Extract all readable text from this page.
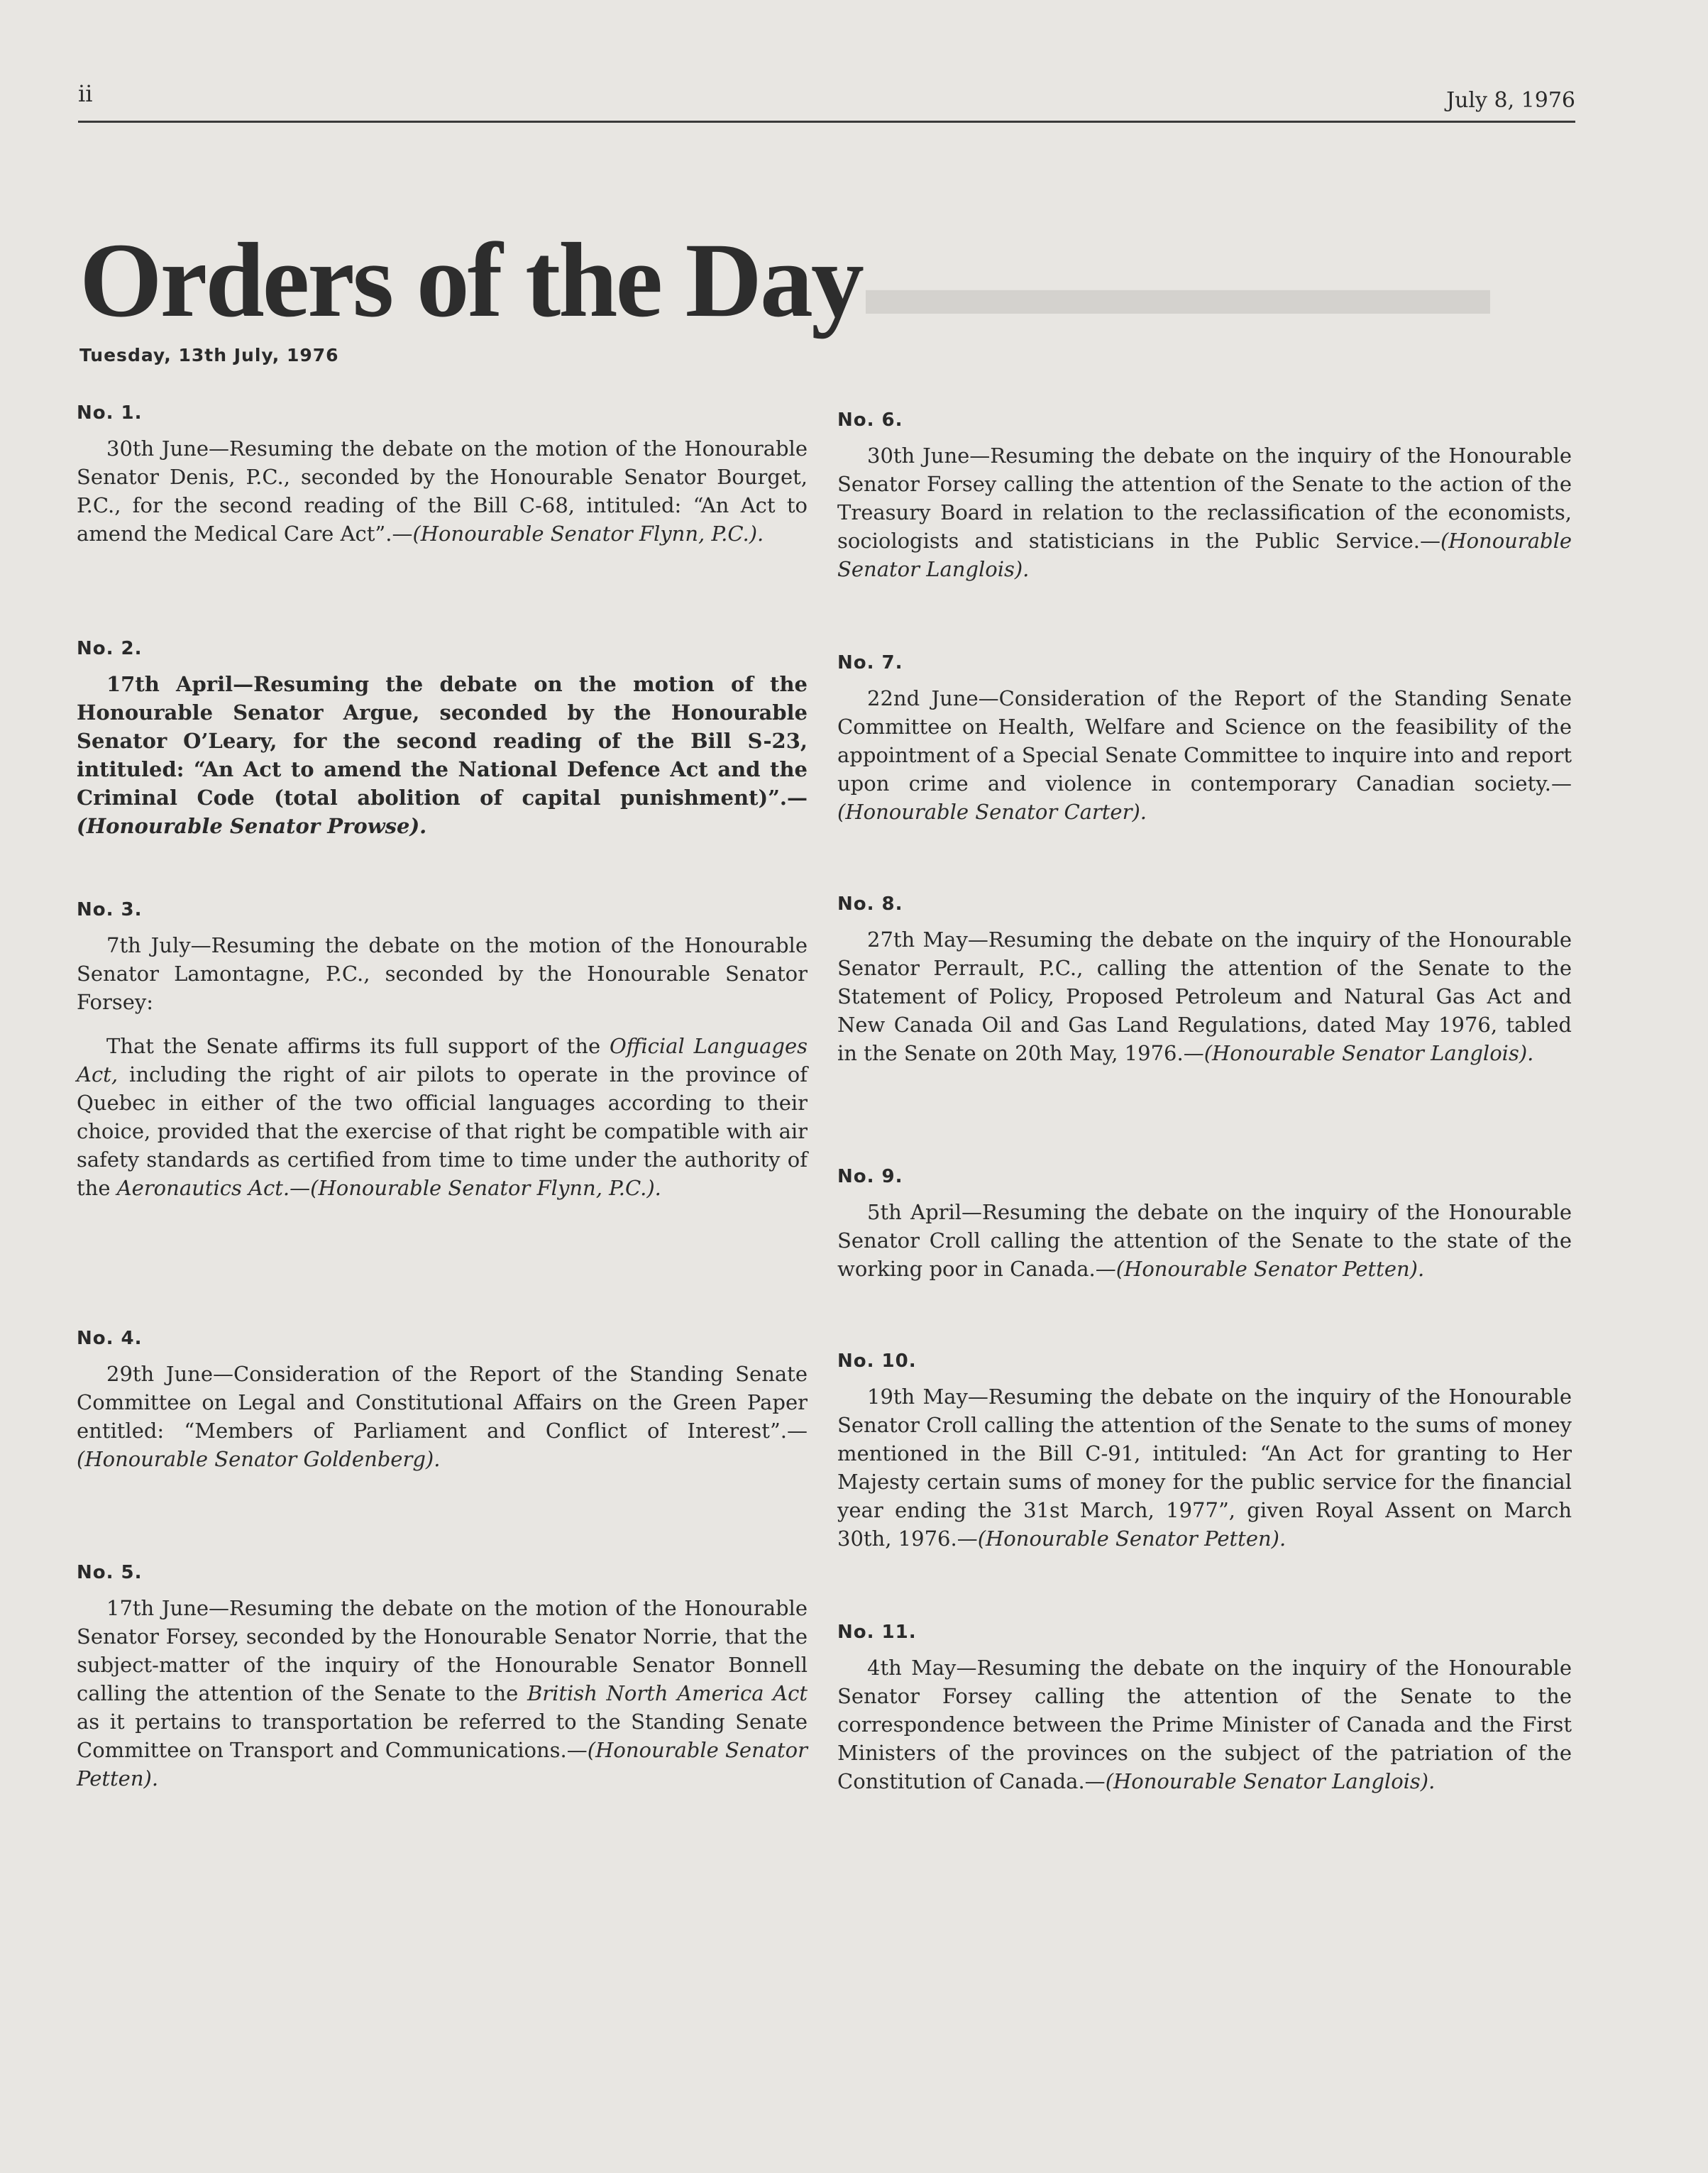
▬▬▬▬▬▬▬▬
ii	July 8, 1976
Orders of the Day
Tuesday, 13th July, 1976

No. 1.

30th June—Resuming the debate on the motion of the Honourable Senator Denis, P.C., seconded by the Honourable Senator Bourget, P.C., for the second reading of the Bill C-68, intituled: “An Act to amend the Medical Care Act”.—(Honourable Senator Flynn, P.C.).

No. 2.

17th April—Resuming the debate on the motion of the Honourable Senator Argue, seconded by the Honourable Senator O’Leary, for the second reading of the Bill S-23, intituled: “An Act to amend the National Defence Act and the Criminal Code (total abolition of capital punishment)”.—(Honourable Senator Prowse).

No. 3.

7th July—Resuming the debate on the motion of the Honourable Senator Lamontagne, P.C., seconded by the Honourable Senator Forsey:

That the Senate affirms its full support of the Official Languages Act, including the right of air pilots to operate in the province of Quebec in either of the two official languages according to their choice, provided that the exercise of that right be compatible with air safety standards as certified from time to time under the authority of the Aeronautics Act.—(Honourable Senator Flynn, P.C.).

No. 4.

29th June—Consideration of the Report of the Standing Senate Committee on Legal and Constitutional Affairs on the Green Paper entitled: “Members of Parliament and Conflict of Interest”.—(Honourable Senator Goldenberg).

No. 5.

17th June—Resuming the debate on the motion of the Honourable Senator Forsey, seconded by the Honourable Senator Norrie, that the subject-matter of the inquiry of the Honourable Senator Bonnell calling the attention of the Senate to the British North America Act as it pertains to transportation be referred to the Standing Senate Committee on Transport and Communications.—(Honourable Senator Petten).

No. 6.

30th June—Resuming the debate on the inquiry of the Honourable Senator Forsey calling the attention of the Senate to the action of the Treasury Board in relation to the reclassification of the economists, sociologists and statisticians in the Public Service.—(Honourable Senator Langlois).

No. 7.

22nd June—Consideration of the Report of the Standing Senate Committee on Health, Welfare and Science on the feasibility of the appointment of a Special Senate Committee to inquire into and report upon crime and violence in contemporary Canadian society.—(Honourable Senator Carter).

No. 8.

27th May—Resuming the debate on the inquiry of the Honourable Senator Perrault, P.C., calling the attention of the Senate to the Statement of Policy, Proposed Petroleum and Natural Gas Act and New Canada Oil and Gas Land Regulations, dated May 1976, tabled in the Senate on 20th May, 1976.—(Honourable Senator Langlois).

No. 9.

5th April—Resuming the debate on the inquiry of the Honourable Senator Croll calling the attention of the Senate to the state of the working poor in Canada.—(Honourable Senator Petten).

No. 10.

19th May—Resuming the debate on the inquiry of the Honourable Senator Croll calling the attention of the Senate to the sums of money mentioned in the Bill C-91, intituled: “An Act for granting to Her Majesty certain sums of money for the public service for the financial year ending the 31st March, 1977”, given Royal Assent on March 30th, 1976.—(Honourable Senator Petten).

No. 11.

4th May—Resuming the debate on the inquiry of the Honourable Senator Forsey calling the attention of the Senate to the correspondence between the Prime Minister of Canada and the First Ministers of the provinces on the subject of the patriation of the Constitution of Canada.—(Honourable Senator Langlois).
